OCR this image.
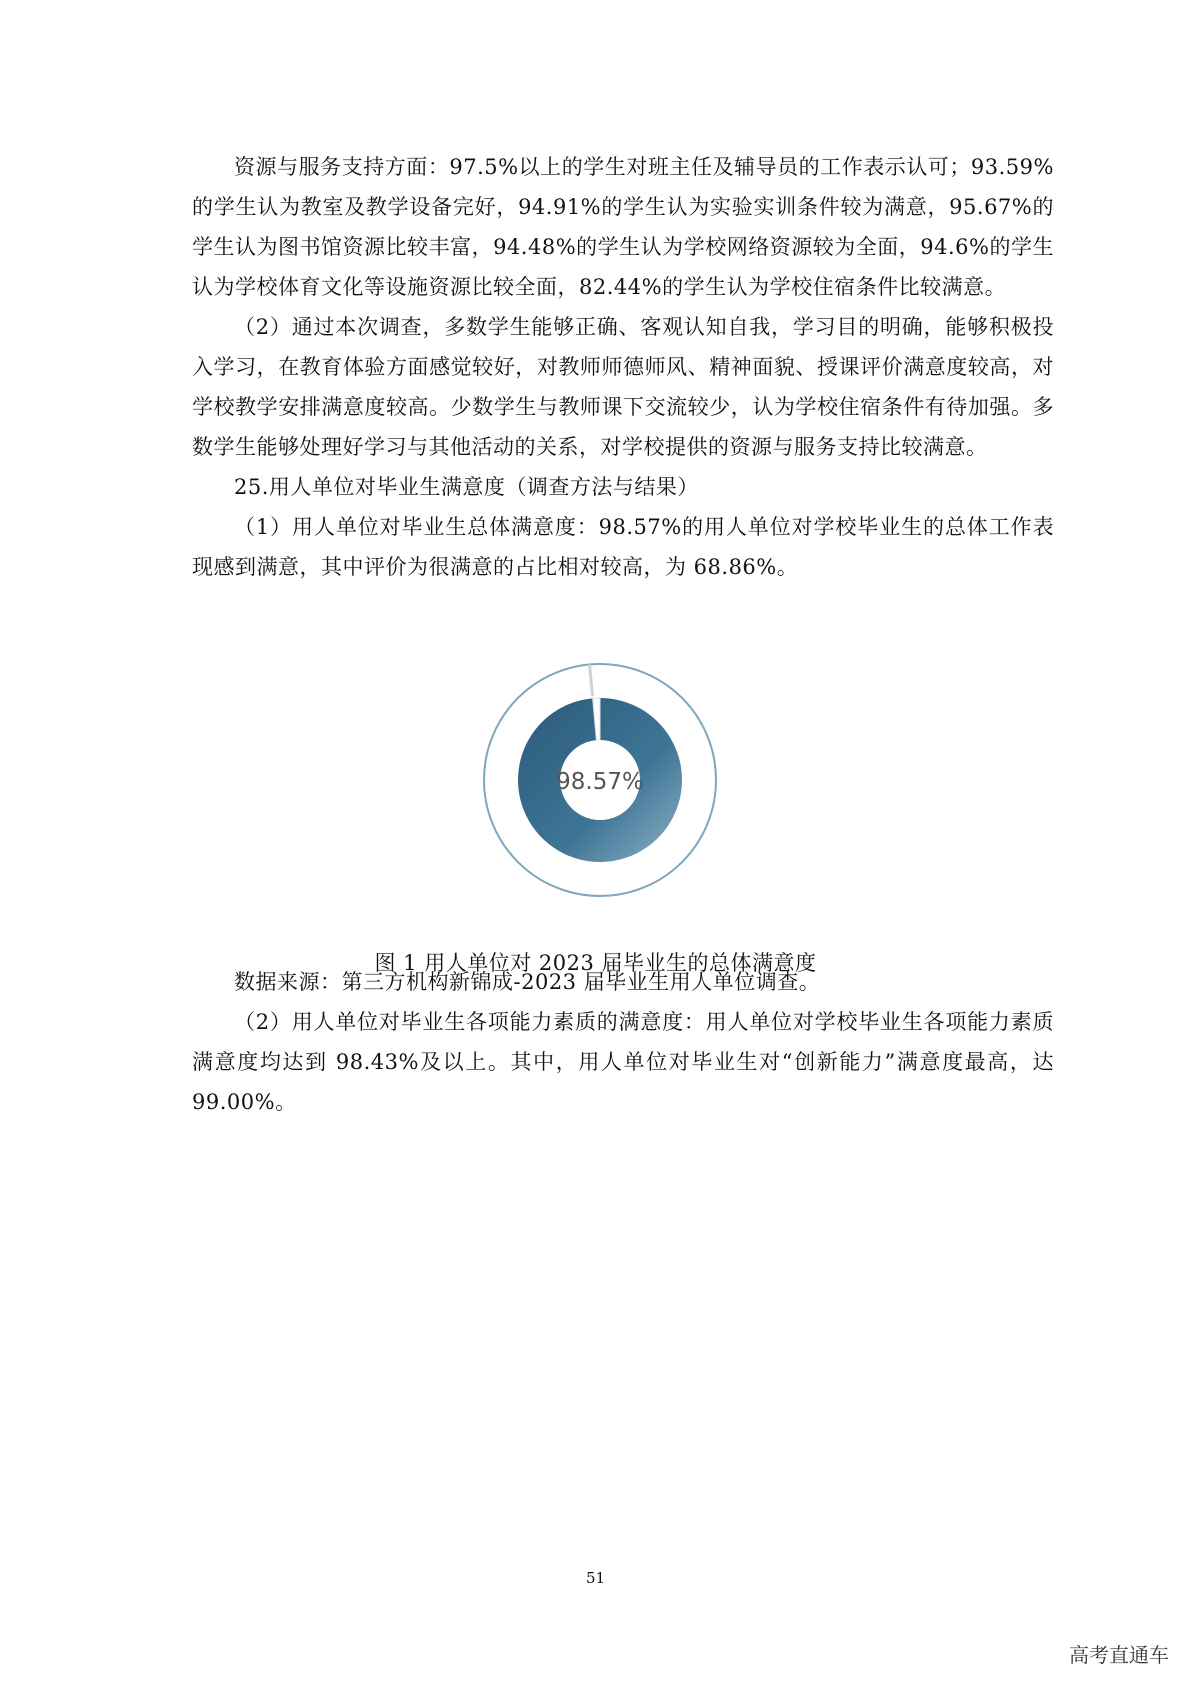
资源与服务支持方面：97.5%以上的学生对班主任及辅导员的工作表示认可；93.59%的学生认为教室及教学设备完好，94.91%的学生认为实验实训条件较为满意，95.67%的学生认为图书馆资源比较丰富，94.48%的学生认为学校网络资源较为全面，94.6%的学生认为学校体育文化等设施资源比较全面，82.44%的学生认为学校住宿条件比较满意。

（2）通过本次调查，多数学生能够正确、客观认知自我，学习目的明确，能够积极投入学习，在教育体验方面感觉较好，对教师师德师风、精神面貌、授课评价满意度较高，对学校教学安排满意度较高。少数学生与教师课下交流较少，认为学校住宿条件有待加强。多数学生能够处理好学习与其他活动的关系，对学校提供的资源与服务支持比较满意。

25.用人单位对毕业生满意度（调查方法与结果）

（1）用人单位对毕业生总体满意度：98.57%的用人单位对学校毕业生的总体工作表现感到满意，其中评价为很满意的占比相对较高，为 68.86%。

98.57%
图 1 用人单位对 2023 届毕业生的总体满意度

数据来源：第三方机构新锦成-2023 届毕业生用人单位调查。

（2）用人单位对毕业生各项能力素质的满意度：用人单位对学校毕业生各项能力素质满意度均达到 98.43%及以上。其中，用人单位对毕业生对“创新能力”满意度最高，达 99.00%。

51
高考直通车
